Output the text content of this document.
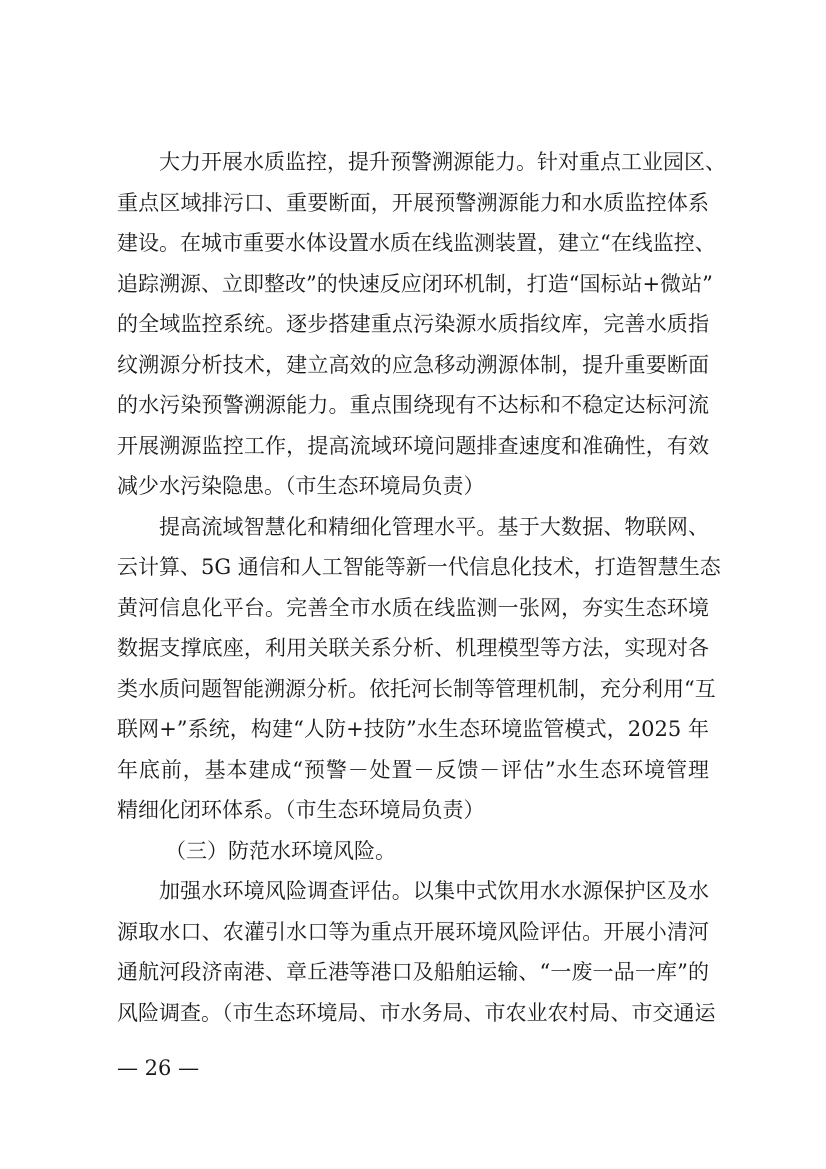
大力开展水质监控，提升预警溯源能力。针对重点工业园区、
重点区域排污口、重要断面，开展预警溯源能力和水质监控体系
建设。在城市重要水体设置水质在线监测装置，建立“在线监控、
追踪溯源、立即整改”的快速反应闭环机制，打造“国标站+微站”
的全域监控系统。逐步搭建重点污染源水质指纹库，完善水质指
纹溯源分析技术，建立高效的应急移动溯源体制，提升重要断面
的水污染预警溯源能力。重点围绕现有不达标和不稳定达标河流
开展溯源监控工作，提高流域环境问题排查速度和准确性，有效
减少水污染隐患。（市生态环境局负责）
提高流域智慧化和精细化管理水平。基于大数据、物联网、
云计算、5G 通信和人工智能等新一代信息化技术，打造智慧生态
黄河信息化平台。完善全市水质在线监测一张网，夯实生态环境
数据支撑底座，利用关联关系分析、机理模型等方法，实现对各
类水质问题智能溯源分析。依托河长制等管理机制，充分利用“互
联网+”系统，构建“人防+技防”水生态环境监管模式，2025 年
年底前，基本建成“预警－处置－反馈－评估”水生态环境管理
精细化闭环体系。（市生态环境局负责）
（三）防范水环境风险。
加强水环境风险调查评估。以集中式饮用水水源保护区及水
源取水口、农灌引水口等为重点开展环境风险评估。开展小清河
通航河段济南港、章丘港等港口及船舶运输、“一废一品一库”的
风险调查。（市生态环境局、市水务局、市农业农村局、市交通运
— 26 —
